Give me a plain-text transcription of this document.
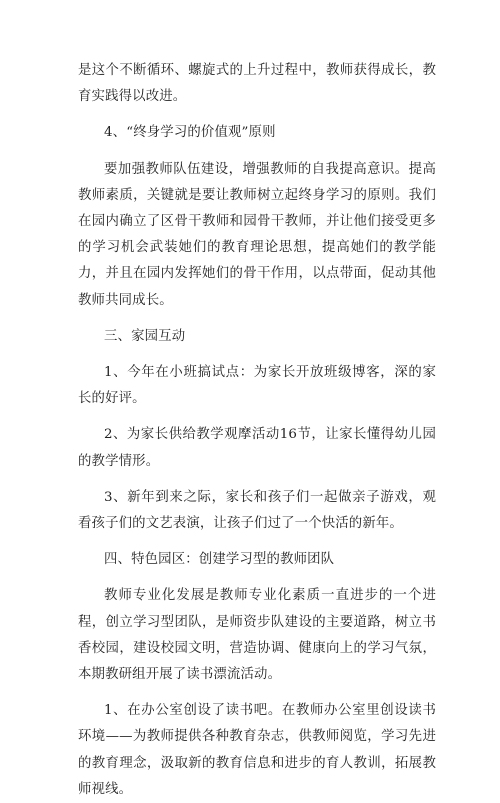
是这个不断循环、螺旋式的上升过程中，教师获得成长，教育实践得以改进。

4、“终身学习的价值观”原则

要加强教师队伍建设，增强教师的自我提高意识。提高教师素质，关键就是要让教师树立起终身学习的原则。我们在园内确立了区骨干教师和园骨干教师，并让他们接受更多的学习机会武装她们的教育理论思想，提高她们的教学能力，并且在园内发挥她们的骨干作用，以点带面，促动其他教师共同成长。

三、家园互动

1、今年在小班搞试点：为家长开放班级博客，深的家长的好评。

2、为家长供给教学观摩活动16节，让家长懂得幼儿园的教学情形。

3、新年到来之际，家长和孩子们一起做亲子游戏，观看孩子们的文艺表演，让孩子们过了一个快活的新年。

四、特色园区：创建学习型的教师团队

教师专业化发展是教师专业化素质一直进步的一个进程，创立学习型团队，是师资步队建设的主要道路，树立书香校园，建设校园文明，营造协调、健康向上的学习气氛，本期教研组开展了读书漂流活动。

1、在办公室创设了读书吧。在教师办公室里创设读书环境——为教师提供各种教育杂志，供教师阅览，学习先进的教育理念，汲取新的教育信息和进步的育人教训，拓展教师视线。
